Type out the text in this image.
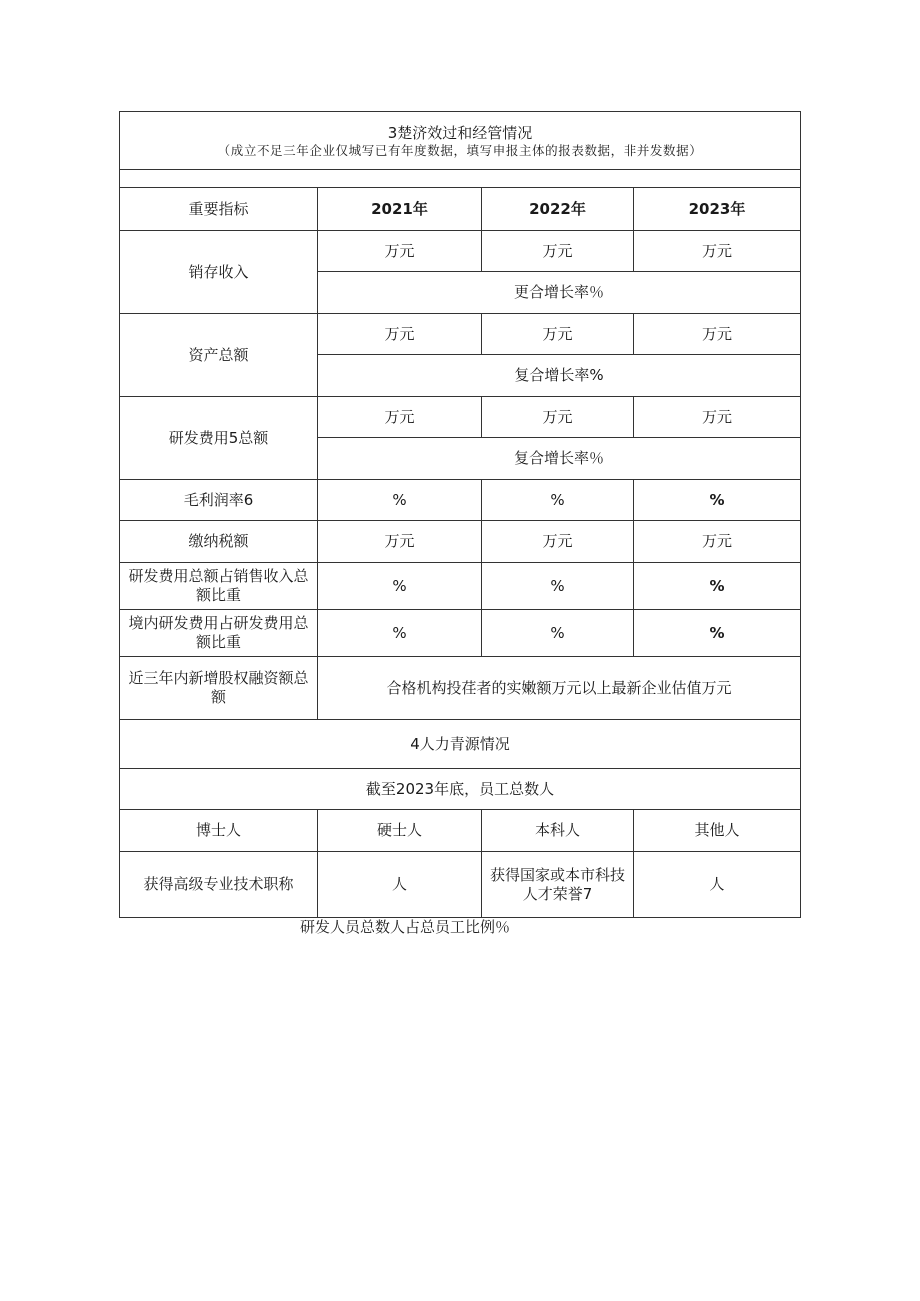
3楚济效过和经管情况
（成立不足三年企业仅城写已有年度数据，填写申报主体的报表数据，非并发数据）			

重要指标	2021年	2022年	2023年
销存收入	万元	万元	万元
	更合增长率％		
资产总额	万元	万元	万元
	复合增长率%		
研发费用5总额	万元	万元	万元
	复合增长率％		
毛利润率6	%	%	%
缴纳税额	万元	万元	万元
研发费用总额占销售收入总额比重	%	%	%
境内研发费用占研发费用总额比重	%	%	%
近三年内新增股权融资额总额	合格机构投荏者的实嫩额万元以上最新企业估值万元		
4人力青源情况			
截至2023年底，员工总数人			
博士人	硬士人	本科人	其他人
获得高级专业技术职称	人	获得国家或本市科技人才荣誉7	人
研发人员总数人占总员工比例％
